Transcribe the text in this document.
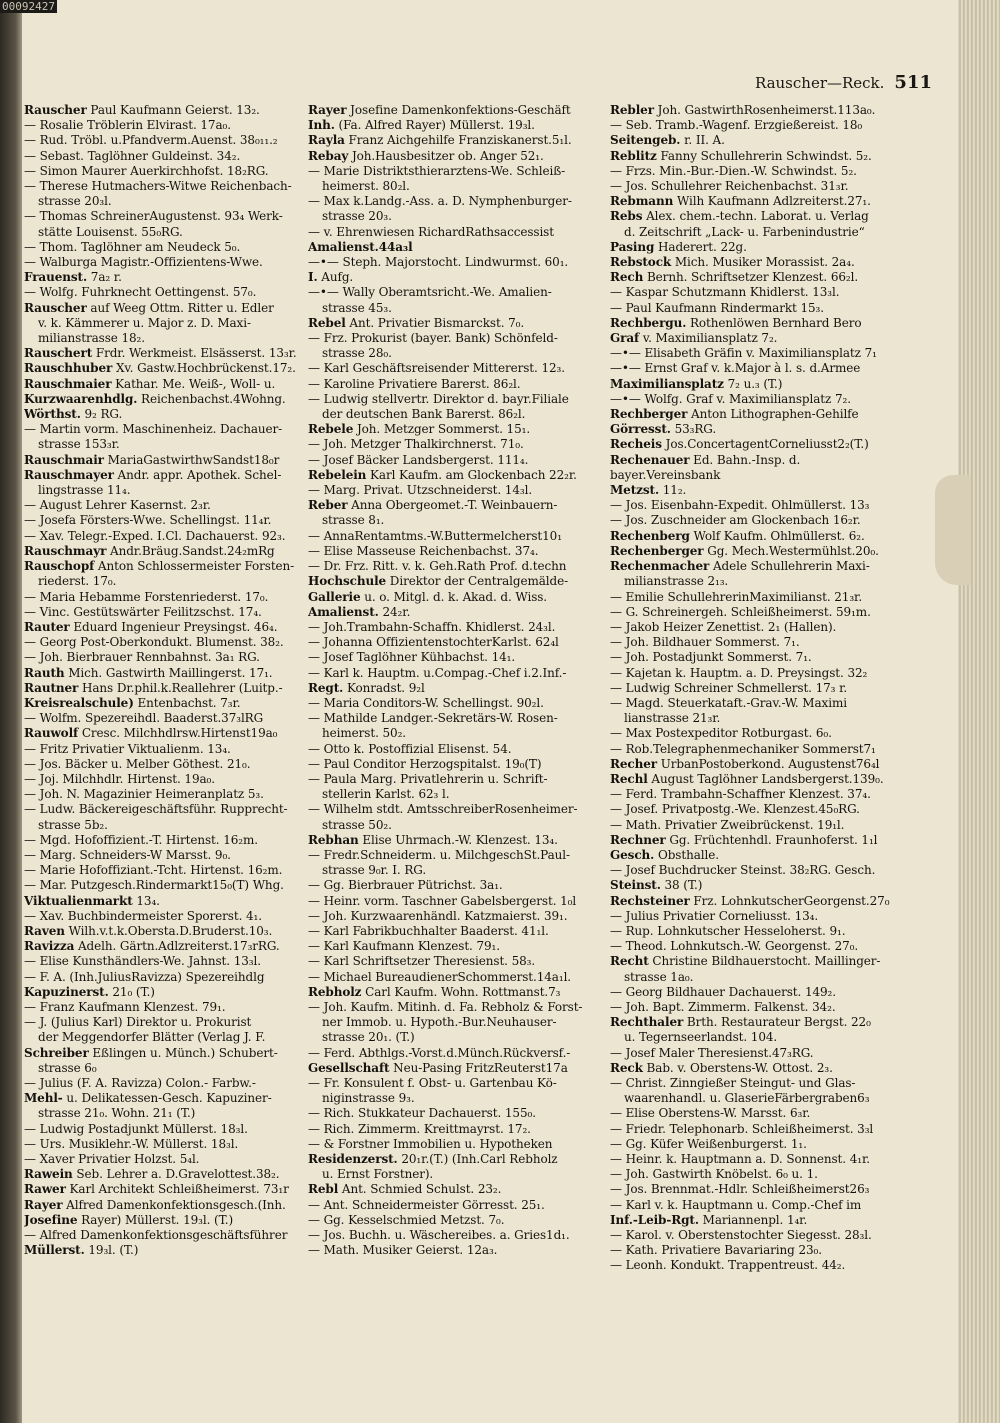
00092427
Rauscher—Reck. 511

Rauscher Paul Kaufmann Geierst. 13₂.

— Rosalie Tröblerin Elvirast. 17a₀.

— Rud. Tröbl. u.Pfandverm.Auenst. 38₀₁₁.₂

— Sebast. Taglöhner Guldeinst. 34₂.

— Simon Maurer Auerkirchhofst. 18₂RG.

— Therese Hutmachers-Witwe Reichenbach-

strasse 20₃l.

— Thomas SchreinerAugustenst. 93₄ Werk-

stätte Louisenst. 55₀RG.

— Thom. Taglöhner am Neudeck 5₀.

— Walburga Magistr.-Offizientens-Wwe.

Frauenst. 7a₂ r.

— Wolfg. Fuhrknecht Oettingenst. 57₀.

Rauscher auf Weeg Ottm. Ritter u. Edler

v. k. Kämmerer u. Major z. D. Maxi-

milianstrasse 18₂.

Rauschert Frdr. Werkmeist. Elsässerst. 13₃r.

Rauschhuber Xv. Gastw.Hochbrückenst.17₂.

Rauschmaier Kathar. Me. Weiß-, Woll- u.

Kurzwaarenhdlg. Reichenbachst.4Wohng.

Wörthst. 9₂ RG.

— Martin vorm. Maschinenheiz. Dachauer-

strasse 153₃r.

Rauschmair MariaGastwirthwSandst18₀r

Rauschmayer Andr. appr. Apothek. Schel-

lingstrasse 11₄.

— August Lehrer Kasernst. 2₃r.

— Josefa Försters-Wwe. Schellingst. 11₄r.

— Xav. Telegr.-Exped. I.Cl. Dachauerst. 92₃.

Rauschmayr Andr.Bräug.Sandst.24₂mRg

Rauschopf Anton Schlossermeister Forsten-

riederst. 17₀.

— Maria Hebamme Forstenriederst. 17₀.

— Vinc. Gestütswärter Feilitzschst. 17₄.

Rauter Eduard Ingenieur Preysingst. 46₄.

— Georg Post-Oberkondukt. Blumenst. 38₂.

— Joh. Bierbrauer Rennbahnst. 3a₁ RG.

Rauth Mich. Gastwirth Maillingerst. 17₁.

Rautner Hans Dr.phil.k.Reallehrer (Luitp.-

Kreisrealschule) Entenbachst. 7₃r.

— Wolfm. Spezereihdl. Baaderst.37₃lRG

Rauwolf Cresc. Milchhdlrsw.Hirtenst19a₀

— Fritz Privatier Viktualienm. 13₄.

— Jos. Bäcker u. Melber Göthest. 21₀.

— Joj. Milchhdlr. Hirtenst. 19a₀.

— Joh. N. Magazinier Heimeranplatz 5₃.

— Ludw. Bäckereigeschäftsführ. Rupprecht-

strasse 5b₂.

— Mgd. Hofoffizient.-T. Hirtenst. 16₂m.

— Marg. Schneiders-W Marsst. 9₀.

— Marie Hofoffiziant.-Tcht. Hirtenst. 16₂m.

— Mar. Putzgesch.Rindermarkt15₀(T) Whg.

Viktualienmarkt 13₄.

— Xav. Buchbindermeister Sporerst. 4₁.

Raven Wilh.v.t.k.Oberstа.D.Bruderst.10₃.

Ravizza Adelh. Gärtn.Adlzreiterst.17₃rRG.

— Elise Kunsthändlers-We. Jahnst. 13₃l.

— F. A. (Inh.JuliusRavizza) Spezereihdlg

Kapuzinerst. 21₀ (T.)

— Franz Kaufmann Klenzest. 79₁.

— J. (Julius Karl) Direktor u. Prokurist

der Meggendorfer Blätter (Verlag J. F.

Schreiber Eßlingen u. Münch.) Schubert-

strasse 6₀

— Julius (F. A. Ravizza) Colon.- Farbw.-

Mehl- u. Delikatessen-Gesch. Kapuziner-

strasse 21₀. Wohn. 21₁ (T.)

— Ludwig Postadjunkt Müllerst. 18₃l.

— Urs. Musiklehr.-W. Müllerst. 18₃l.

— Xaver Privatier Holzst. 5₄l.

Rawein Seb. Lehrer a. D.Gravelottest.38₂.

Rawer Karl Architekt Schleißheimerst. 73₁r

Rayer Alfred Damenkonfektionsgesch.(Inh.

Josefine Rayer) Müllerst. 19₃l. (T.)

— Alfred Damenkonfektionsgeschäftsführer

Müllerst. 19₃l. (T.)

Rayer Josefine Damenkonfektions-Geschäft

Inh. (Fa. Alfred Rayer) Müllerst. 19₃l.

Rayla Franz Aichgehilfe Franziskanerst.5₁l.

Rebay Joh.Hausbesitzer ob. Anger 52₁.

— Marie Distriktsthierarztens-We. Schleiß-

heimerst. 80₂l.

— Max k.Landg.-Ass. a. D. Nymphenburger-

strasse 20₃.

— v. Ehrenwiesen RichardRathsaccessist

Amalienst.44a₃l

—•— Steph. Majorstocht. Lindwurmst. 60₁.

I. Aufg.

—•— Wally Oberamtsricht.-We. Amalien-

strasse 45₃.

Rebel Ant. Privatier Bismarckst. 7₀.

— Frz. Prokurist (bayer. Bank) Schönfeld-

strasse 28₀.

— Karl Geschäftsreisender Mittererst. 12₃.

— Karoline Privatiere Barerst. 86₂l.

— Ludwig stellvertr. Direktor d. bayr.Filiale

der deutschen Bank Barerst. 86₂l.

Rebele Joh. Metzger Sommerst. 15₁.

— Joh. Metzger Thalkirchnerst. 71₀.

— Josef Bäcker Landsbergerst. 111₄.

Rebelein Karl Kaufm. am Glockenbach 22₂r.

— Marg. Privat. Utzschneiderst. 14₃l.

Reber Anna Obergeomet.-T. Weinbauern-

strasse 8₁.

— AnnaRentamtms.-W.Buttermelcherst10₁

— Elise Masseuse Reichenbachst. 37₄.

— Dr. Frz. Ritt. v. k. Geh.Rath Prof. d.techn

Hochschule Direktor der Centralgemälde-

Gallerie u. o. Mitgl. d. k. Akad. d. Wiss.

Amalienst. 24₂r.

— Joh.Trambahn-Schaffn. Khidlerst. 24₃l.

— Johanna OffizientenstochterKarlst. 62₄l

— Josef Taglöhner Kühbachst. 14₁.

— Karl k. Hauptm. u.Compag.-Chef i.2.Inf.-

Regt. Konradst. 9₂l

— Maria Conditors-W. Schellingst. 90₂l.

— Mathilde Landger.-Sekretärs-W. Rosen-

heimerst. 50₂.

— Otto k. Postoffizial Elisenst. 54.

— Paul Conditor Herzogspitalst. 19₀(T)

— Paula Marg. Privatlehrerin u. Schrift-

stellerin Karlst. 62₃ l.

— Wilhelm stdt. AmtsschreiberRosenheimer-

strasse 50₂.

Rebhan Elise Uhrmach.-W. Klenzest. 13₄.

— Fredr.Schneiderm. u. MilchgeschSt.Paul-

strasse 9₀r. I. RG.

— Gg. Bierbrauer Pütrichst. 3a₁.

— Heinr. vorm. Taschner Gabelsbergerst. 1₀l

— Joh. Kurzwaarenhändl. Katzmaierst. 39₁.

— Karl Fabrikbuchhalter Baaderst. 41₁l.

— Karl Kaufmann Klenzest. 79₁.

— Karl Schriftsetzer Theresienst. 58₃.

— Michael BureaudienerSchommerst.14a₁l.

Rebholz Carl Kaufm. Wohn. Rottmanst.7₃

— Joh. Kaufm. Mitinh. d. Fa. Rebholz & Forst-

ner Immob. u. Hypoth.-Bur.Neuhauser-

strasse 20₁. (T.)

— Ferd. Abthlgs.-Vorst.d.Münch.Rückversf.-

Gesellschaft Neu-Pasing FritzReuterst17a

— Fr. Konsulent f. Obst- u. Gartenbau Kö-

niginstrasse 9₃.

— Rich. Stukkateur Dachauerst. 155₀.

— Rich. Zimmerm. Kreittmayrst. 17₂.

— & Forstner Immobilien u. Hypotheken

Residenzerst. 20₁r.(T.) (Inh.Carl Rebholz

u. Ernst Forstner).

Rebl Ant. Schmied Schulst. 23₂.

— Ant. Schneidermeister Görresst. 25₁.

— Gg. Kesselschmied Metzst. 7₀.

— Jos. Buchh. u. Wäschereibes. a. Gries1d₁.

— Math. Musiker Geierst. 12a₃.

Rebler Joh. GastwirthRosenheimerst.113a₀.

— Seb. Tramb.-Wagenf. Erzgießereist. 18₀

Seitengeb. r. II. A.

Reblitz Fanny Schullehrerin Schwindst. 5₂.

— Frzs. Min.-Bur.-Dien.-W. Schwindst. 5₂.

— Jos. Schullehrer Reichenbachst. 31₃r.

Rebmann Wilh Kaufmann Adlzreiterst.27₁.

Rebs Alex. chem.-techn. Laborat. u. Verlag

d. Zeitschrift „Lack- u. Farbenindustrie“

Pasing Haderert. 22g.

Rebstock Mich. Musiker Morassist. 2a₄.

Rech Bernh. Schriftsetzer Klenzest. 66₂l.

— Kaspar Schutzmann Khidlerst. 13₃l.

— Paul Kaufmann Rindermarkt 15₃.

Rechbergu. Rothenlöwen Bernhard Bero

Graf v. Maximiliansplatz 7₂.

—•— Elisabeth Gräfin v. Maximiliansplatz 7₁

—•— Ernst Graf v. k.Major à l. s. d.Armee

Maximiliansplatz 7₂ u.₃ (T.)

—•— Wolfg. Graf v. Maximiliansplatz 7₂.

Rechberger Anton Lithographen-Gehilfe

Görresst. 53₃RG.

Recheis Jos.ConcertagentCorneliusst2₂(T.)

Rechenauer Ed. Bahn.-Insp. d. bayer.Vereinsbank

Metzst. 11₂.

— Jos. Eisenbahn-Expedit. Ohlmüllerst. 13₃

— Jos. Zuschneider am Glockenbach 16₂r.

Rechenberg Wolf Kaufm. Ohlmüllerst. 6₂.

Rechenberger Gg. Mech.Westermühlst.20₀.

Rechenmacher Adele Schullehrerin Maxi-

milianstrasse 2₁₃.

— Emilie SchullehrerinMaximilianst. 21₃r.

— G. Schreinergeh. Schleißheimerst. 59₁m.

— Jakob Heizer Zenettist. 2₁ (Hallen).

— Joh. Bildhauer Sommerst. 7₁.

— Joh. Postadjunkt Sommerst. 7₁.

— Kajetan k. Hauptm. a. D. Preysingst. 32₂

— Ludwig Schreiner Schmellerst. 17₃ r.

— Magd. Steuerkataft.-Grav.-W. Maximi

lianstrasse 21₃r.

— Max Postexpeditor Rotburgast. 6₀.

— Rob.Telegraphenmechaniker Sommerst7₁

Recher UrbanPostoberkond. Augustenst76₄l

Rechl August Taglöhner Landsbergerst.139₀.

— Ferd. Trambahn-Schaffner Klenzest. 37₄.

— Josef. Privatpostg.-We. Klenzest.45₀RG.

— Math. Privatier Zweibrückenst. 19₁l.

Rechner Gg. Früchtenhdl. Fraunhoferst. 1₁l

Gesch. Obsthalle.

— Josef Buchdrucker Steinst. 38₂RG. Gesch.

Steinst. 38 (T.)

Rechsteiner Frz. LohnkutscherGeorgenst.27₀

— Julius Privatier Corneliusst. 13₄.

— Rup. Lohnkutscher Hesseloherst. 9₁.

— Theod. Lohnkutsch.-W. Georgenst. 27₀.

Recht Christine Bildhauerstocht. Maillinger-

strasse 1a₀.

— Georg Bildhauer Dachauerst. 149₂.

— Joh. Bapt. Zimmerm. Falkenst. 34₂.

Rechthaler Brth. Restaurateur Bergst. 22₀

u. Tegernseerlandst. 104.

— Josef Maler Theresienst.47₃RG.

Reck Bab. v. Oberstens-W. Ottost. 2₃.

— Christ. Zinngießer Steingut- und Glas-

waarenhandl. u. GlaserieFärbergraben6₃

— Elise Oberstens-W. Marsst. 6₃r.

— Friedr. Telephonarb. Schleißheimerst. 3₃l

— Gg. Küfer Weißenburgerst. 1₁.

— Heinr. k. Hauptmann a. D. Sonnenst. 4₁r.

— Joh. Gastwirth Knöbelst. 6₀ u. 1.

— Jos. Brennmat.-Hdlr. Schleißheimerst26₃

— Karl v. k. Hauptmann u. Comp.-Chef im

Inf.-Leib-Rgt. Mariannenpl. 1₄r.

— Karol. v. Oberstenstochter Siegesst. 28₃l.

— Kath. Privatiere Bavariaring 23₀.

— Leonh. Kondukt. Trappentreust. 44₂.
